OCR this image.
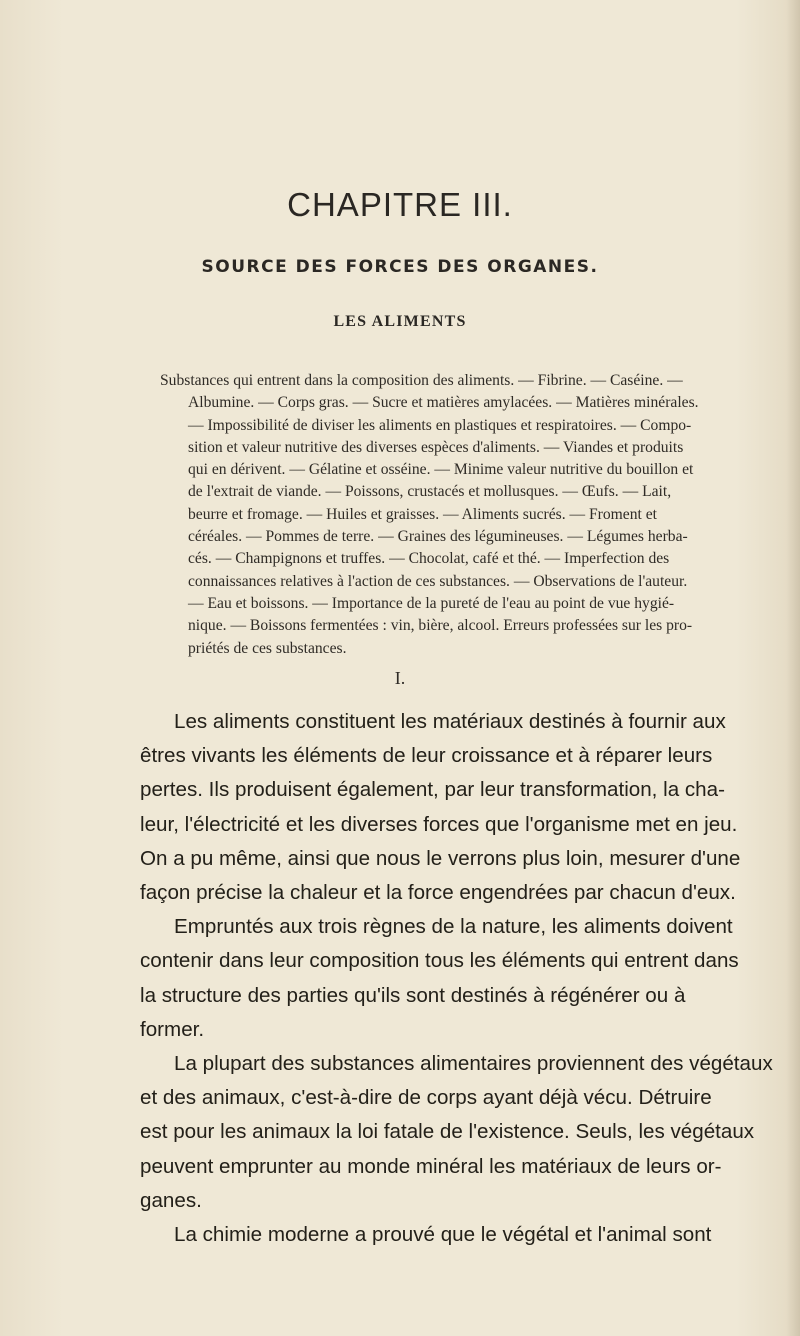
CHAPITRE III.
SOURCE DES FORCES DES ORGANES.
LES ALIMENTS
Substances qui entrent dans la composition des aliments. — Fibrine. — Caséine. —
Albumine. — Corps gras. — Sucre et matières amylacées. — Matières minérales.
— Impossibilité de diviser les aliments en plastiques et respiratoires. — Compo-
sition et valeur nutritive des diverses espèces d'aliments. — Viandes et produits
qui en dérivent. — Gélatine et osséine. — Minime valeur nutritive du bouillon et
de l'extrait de viande. — Poissons, crustacés et mollusques. — Œufs. — Lait,
beurre et fromage. — Huiles et graisses. — Aliments sucrés. — Froment et
céréales. — Pommes de terre. — Graines des légumineuses. — Légumes herba-
cés. — Champignons et truffes. — Chocolat, café et thé. — Imperfection des
connaissances relatives à l'action de ces substances. — Observations de l'auteur.
— Eau et boissons. — Importance de la pureté de l'eau au point de vue hygié-
nique. — Boissons fermentées : vin, bière, alcool. Erreurs professées sur les pro-
priétés de ces substances.
I.
Les aliments constituent les matériaux destinés à fournir aux
êtres vivants les éléments de leur croissance et à réparer leurs
pertes. Ils produisent également, par leur transformation, la cha-
leur, l'électricité et les diverses forces que l'organisme met en jeu.
On a pu même, ainsi que nous le verrons plus loin, mesurer d'une
façon précise la chaleur et la force engendrées par chacun d'eux.
Empruntés aux trois règnes de la nature, les aliments doivent
contenir dans leur composition tous les éléments qui entrent dans
la structure des parties qu'ils sont destinés à régénérer ou à
former.
La plupart des substances alimentaires proviennent des végétaux
et des animaux, c'est-à-dire de corps ayant déjà vécu. Détruire
est pour les animaux la loi fatale de l'existence. Seuls, les végétaux
peuvent emprunter au monde minéral les matériaux de leurs or-
ganes.
La chimie moderne a prouvé que le végétal et l'animal sont
